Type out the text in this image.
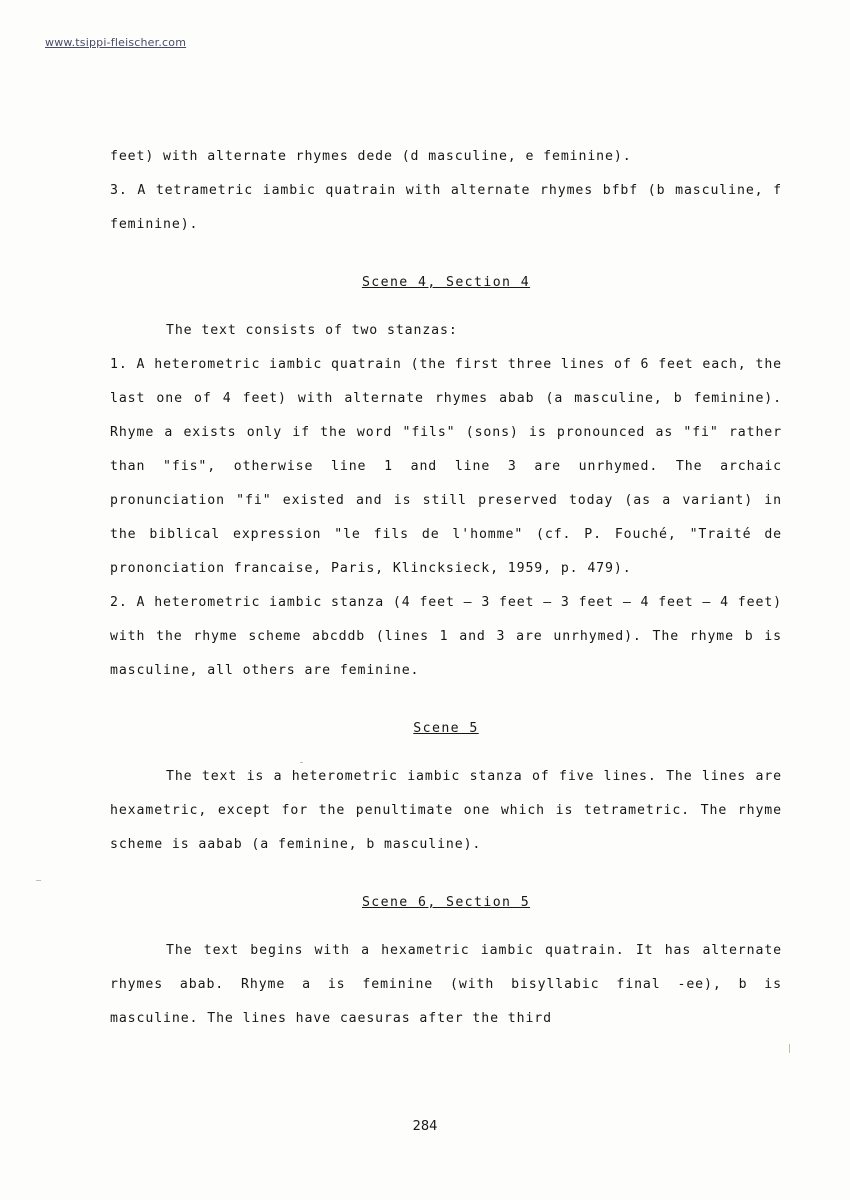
www.tsippi-fleischer.com

feet) with alternate rhymes dede (d masculine, e feminine).

3. A tetrametric iambic quatrain with alternate rhymes bfbf (b masculine, f feminine).

Scene 4, Section 4

The text consists of two stanzas:

1. A heterometric iambic quatrain (the first three lines of 6 feet each, the last one of 4 feet) with alternate rhymes abab (a masculine, b feminine). Rhyme a exists only if the word "fils" (sons) is pronounced as "fi" rather than "fis", otherwise line 1 and line 3 are unrhymed. The archaic pronunciation "fi" existed and is still preserved today (as a variant) in the biblical expression "le fils de l'homme" (cf. P. Fouché, "Traité de prononciation francaise, Paris, Klincksieck, 1959, p. 479).

2. A heterometric iambic stanza (4 feet – 3 feet – 3 feet – 4 feet – 4 feet) with the rhyme scheme abcddb (lines 1 and 3 are unrhymed). The rhyme b is masculine, all others are feminine.

Scene 5

The text is a heterometric iambic stanza of five lines. The lines are hexametric, except for the penultimate one which is tetrametric. The rhyme scheme is aabab (a feminine, b masculine).

Scene 6, Section 5

The text begins with a hexametric iambic quatrain. It has alternate rhymes abab. Rhyme a is feminine (with bisyllabic final -ee), b is masculine. The lines have caesuras after the third

284
